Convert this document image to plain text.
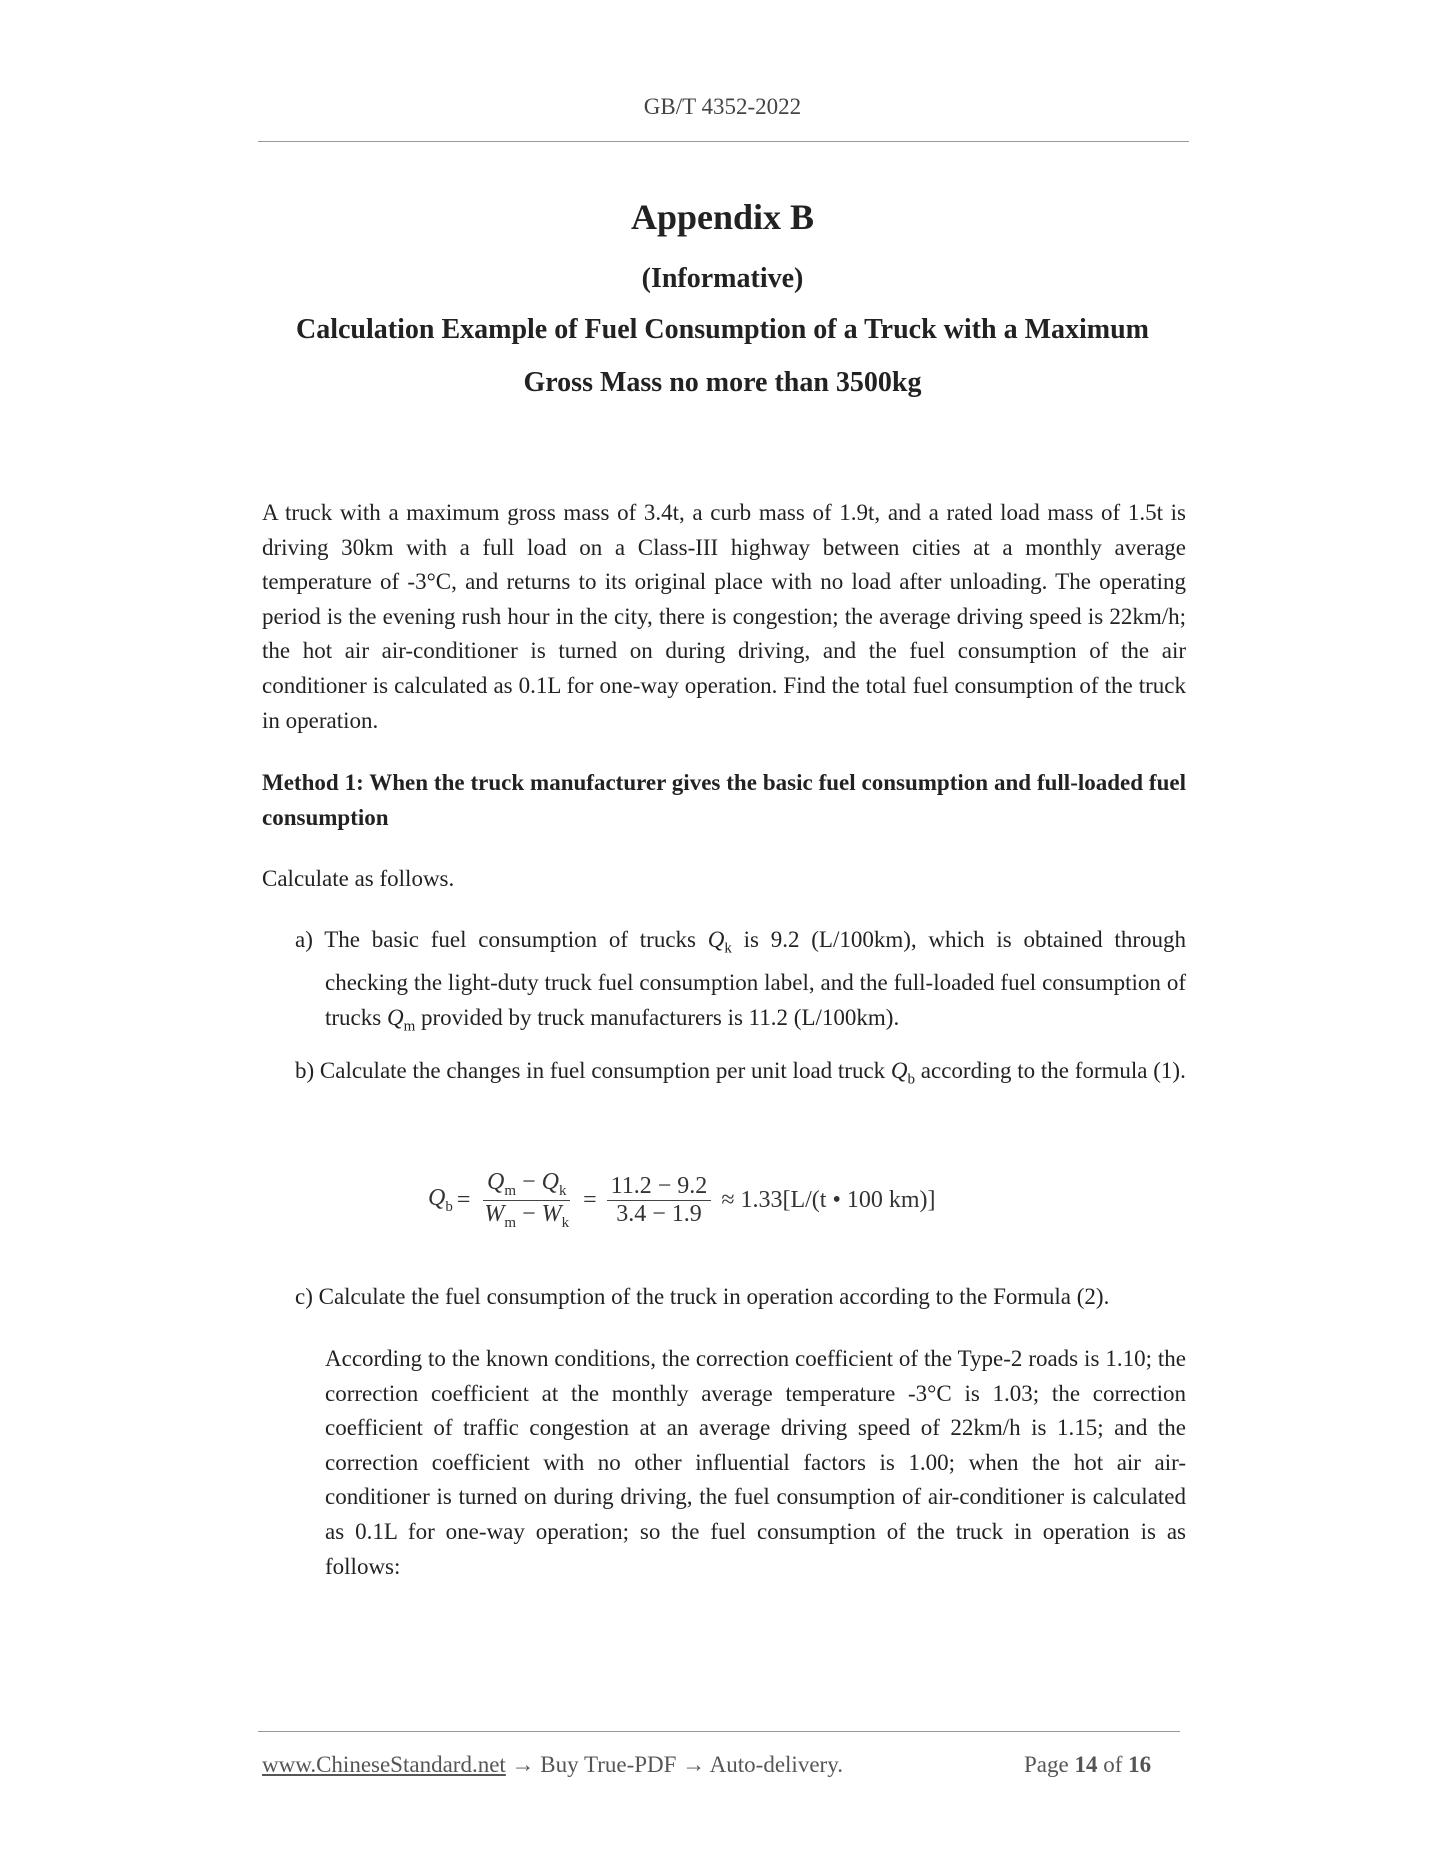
GB/T 4352-2022
Appendix B
(Informative)
Calculation Example of Fuel Consumption of a Truck with a Maximum
Gross Mass no more than 3500kg
A truck with a maximum gross mass of 3.4t, a curb mass of 1.9t, and a rated load mass of 1.5t is driving 30km with a full load on a Class-III highway between cities at a monthly average temperature of -3°C, and returns to its original place with no load after unloading. The operating period is the evening rush hour in the city, there is congestion; the average driving speed is 22km/h; the hot air air-conditioner is turned on during driving, and the fuel consumption of the air conditioner is calculated as 0.1L for one-way operation. Find the total fuel consumption of the truck in operation.
Method 1: When the truck manufacturer gives the basic fuel consumption and full-loaded fuel consumption
Calculate as follows.
a) The basic fuel consumption of trucks $Q_k$ is 9.2 (L/100km), which is obtained through checking the light-duty truck fuel consumption label, and the full-loaded fuel consumption of trucks $Q_m$ provided by truck manufacturers is 11.2 (L/100km).
b) Calculate the changes in fuel consumption per unit load truck $Q_b$ according to the formula (1).
$Q_b = \frac{Q_m - Q_k}{W_m - W_k} = \frac{11.2 - 9.2}{3.4 - 1.9} \approx 1.33[L/(t$ • 100 km)]
c) Calculate the fuel consumption of the truck in operation according to the Formula (2).
According to the known conditions, the correction coefficient of the Type-2 roads is 1.10; the correction coefficient at the monthly average temperature -3°C is 1.03; the correction coefficient of traffic congestion at an average driving speed of 22km/h is 1.15; and the correction coefficient with no other influential factors is 1.00; when the hot air air-conditioner is turned on during driving, the fuel consumption of air-conditioner is calculated as 0.1L for one-way operation; so the fuel consumption of the truck in operation is as follows:
www.ChineseStandard.net → Buy True-PDF → Auto-delivery.	Page 14 of 16
